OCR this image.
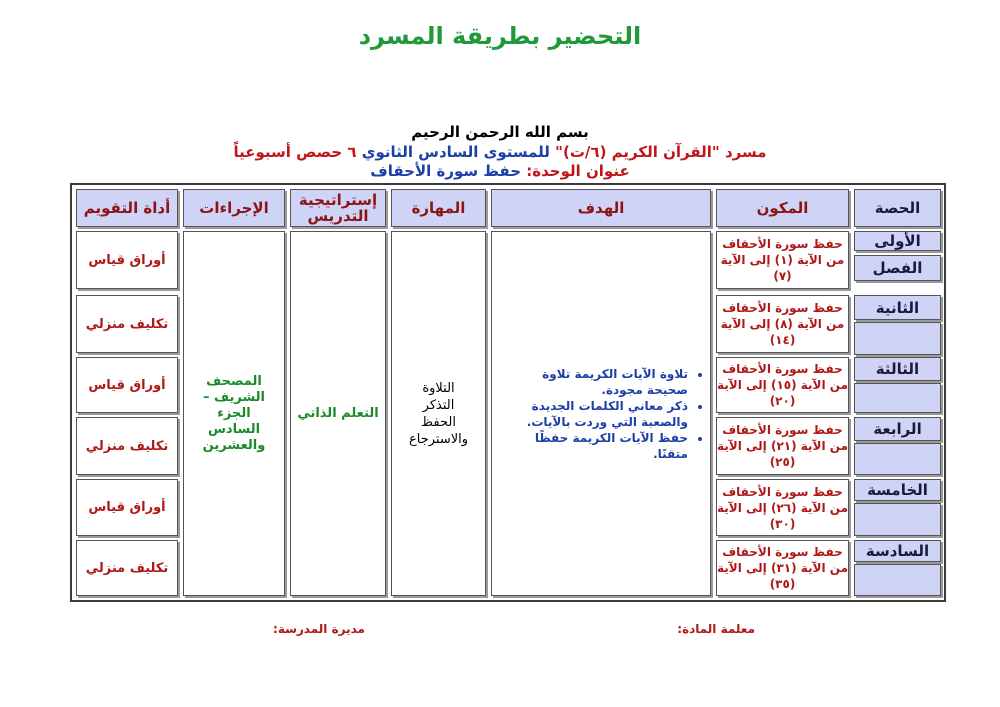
التحضير بطريقة المسرد
بسم الله الرحمن الرحيم
مسرد "القرآن الكريم (٦/ت)" للمستوى السادس الثانوي ٦ حصص أسبوعياً
عنوان الوحدة: حفظ سورة الأحقاف
الحصة
المكون
الهدف
المهارة
إستراتيجية التدريس
الإجراءات
أداة التقويم
الأولى
الفصل
الثانية
الثالثة
الرابعة
الخامسة
السادسة
حفظ سورة الأحقاف من الآية (١) إلى الآية (٧)
حفظ سورة الأحقاف من الآية (٨) إلى الآية (١٤)
حفظ سورة الأحقاف من الآية (١٥) إلى الآية (٢٠)
حفظ سورة الأحقاف من الآية (٢١) إلى الآية (٢٥)
حفظ سورة الأحقاف من الآية (٢٦) إلى الآية (٣٠)
حفظ سورة الأحقاف من الآية (٣١) إلى الآية (٣٥)
• تلاوة الآيات الكريمة تلاوة صحيحة مجودة.
• ذكر معاني الكلمات الجديدة والصعبة التي وردت بالآيات.
• حفظ الآيات الكريمة حفظًا متقنًا.
التلاوة
التذكر
الحفظ
والاسترجاع
التعلم الذاتي
المصحف الشريف – الجزء السادس والعشرين
أوراق قياس
تكليف منزلي
أوراق قياس
تكليف منزلي
أوراق قياس
تكليف منزلي
معلمة المادة:
مديرة المدرسة:
